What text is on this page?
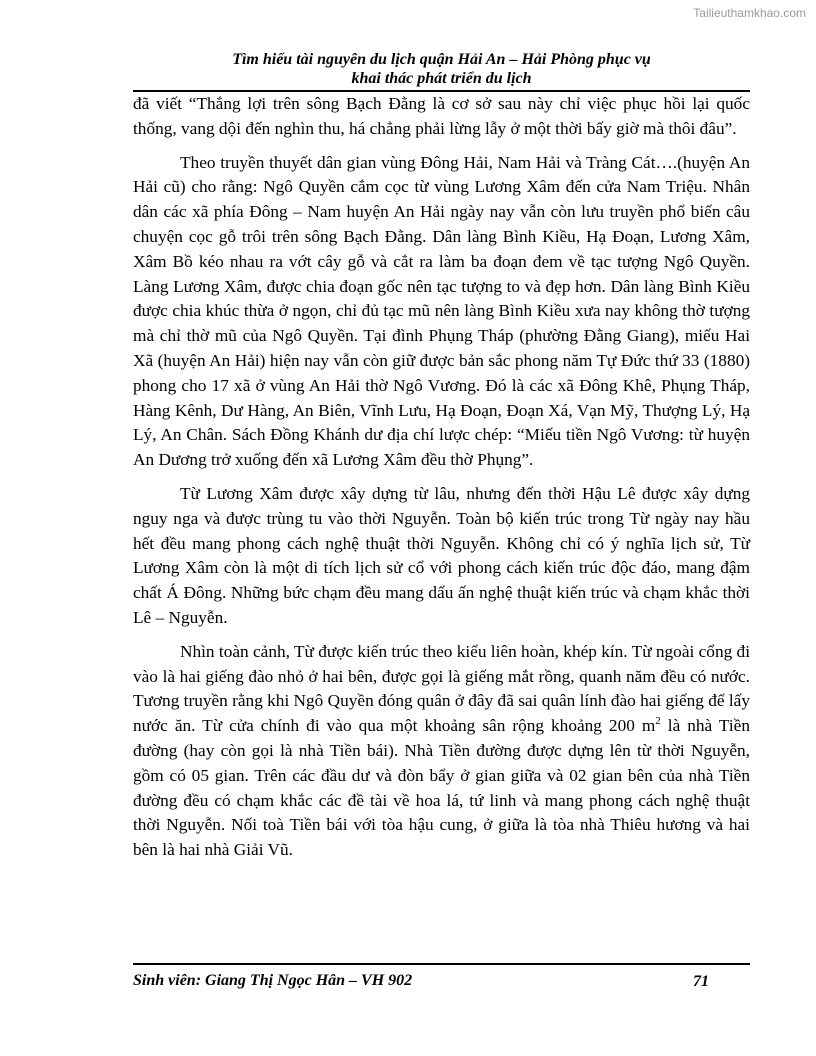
Tailieuthamkhao.com
Tìm hiểu tài nguyên du lịch quận Hải An – Hải Phòng phục vụ
khai thác phát triển du lịch

đã viết “Thắng lợi trên sông Bạch Đằng là cơ sở sau này chỉ việc phục hồi lại quốc thống, vang dội đến nghìn thu, há chẳng phải lừng lẫy ở một thời bấy giờ mà thôi đâu”.

Theo truyền thuyết dân gian vùng Đông Hải, Nam Hải và Tràng Cát….(huyện An Hải cũ) cho rằng: Ngô Quyền cắm cọc từ vùng Lương Xâm đến cửa Nam Triệu. Nhân dân các xã phía Đông – Nam huyện An Hải ngày nay vẫn còn lưu truyền phổ biến câu chuyện cọc gỗ trôi trên sông Bạch Đằng. Dân làng Bình Kiều, Hạ Đoạn, Lương Xâm, Xâm Bồ kéo nhau ra vớt cây gỗ và cắt ra làm ba đoạn đem về tạc tượng Ngô Quyền. Làng Lương Xâm, được chia đoạn gốc nên tạc tượng to và đẹp hơn. Dân làng Bình Kiều được chia khúc thừa ở ngọn, chỉ đủ tạc mũ nên làng Bình Kiều xưa nay không thờ tượng mà chỉ thờ mũ của Ngô Quyền. Tại đình Phụng Tháp (phường Đằng Giang), miếu Hai Xã (huyện An Hải) hiện nay vẫn còn giữ được bản sắc phong năm Tự Đức thứ 33 (1880) phong cho 17 xã ở vùng An Hải thờ Ngô Vương. Đó là các xã Đông Khê, Phụng Tháp, Hàng Kênh, Dư Hàng, An Biên, Vĩnh Lưu, Hạ Đoạn, Đoạn Xá, Vạn Mỹ, Thượng Lý, Hạ Lý, An Chân. Sách Đồng Khánh dư địa chí lược chép: “Miếu tiền Ngô Vương: từ huyện An Dương trở xuống đến xã Lương Xâm đều thờ Phụng”.

Từ Lương Xâm được xây dựng từ lâu, nhưng đến thời Hậu Lê được xây dựng nguy nga và được trùng tu vào thời Nguyễn. Toàn bộ kiến trúc trong Từ ngày nay hầu hết đều mang phong cách nghệ thuật thời Nguyễn. Không chỉ có ý nghĩa lịch sử, Từ Lương Xâm còn là một di tích lịch sử cổ với phong cách kiến trúc độc đáo, mang đậm chất Á Đông. Những bức chạm đều mang dấu ấn nghệ thuật kiến trúc và chạm khắc thời Lê – Nguyễn.

Nhìn toàn cảnh, Từ được kiến trúc theo kiểu liên hoàn, khép kín. Từ ngoài cổng đi vào là hai giếng đào nhỏ ở hai bên, được gọi là giếng mắt rồng, quanh năm đều có nước. Tương truyền rằng khi Ngô Quyền đóng quân ở đây đã sai quân lính đào hai giếng để lấy nước ăn. Từ cửa chính đi vào qua một khoảng sân rộng khoảng 200 $m^2$ là nhà Tiền đường (hay còn gọi là nhà Tiền bái). Nhà Tiền đường được dựng lên từ thời Nguyễn, gồm có 05 gian. Trên các đầu dư và đòn bẩy ở gian giữa và 02 gian bên của nhà Tiền đường đều có chạm khắc các đề tài về hoa lá, tứ linh và mang phong cách nghệ thuật thời Nguyễn. Nối toà Tiền bái với tòa hậu cung, ở giữa là tòa nhà Thiêu hương và hai bên là hai nhà Giải Vũ.

Sinh viên: Giang Thị Ngọc Hân – VH 902	71
